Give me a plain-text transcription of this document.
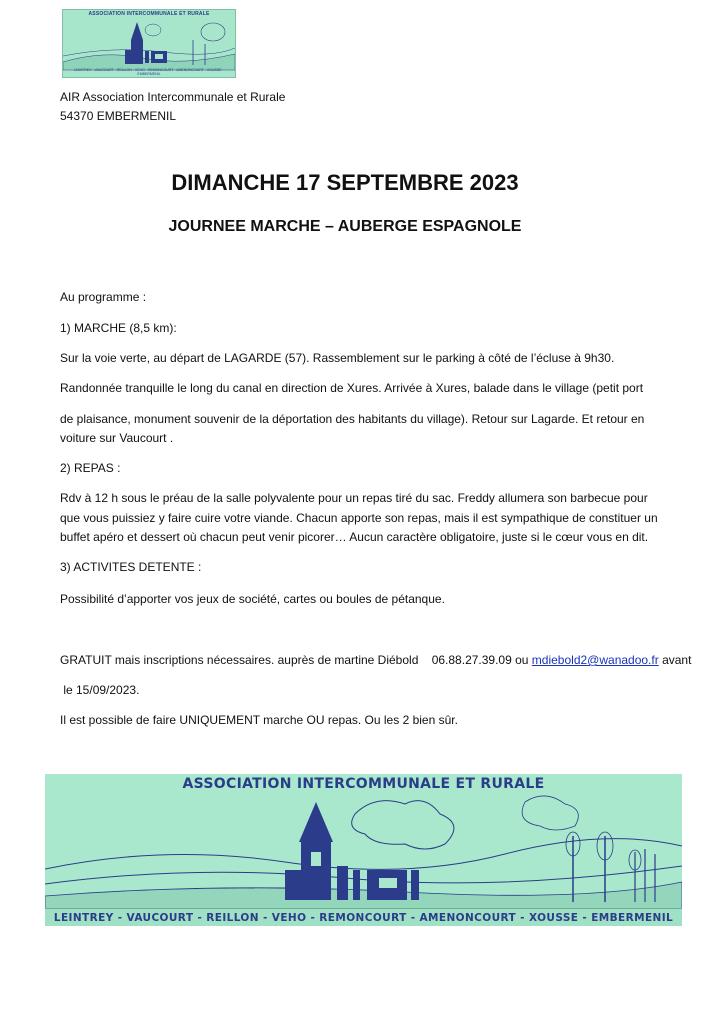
ASSOCIATION INTERCOMMUNALE ET RURALE
LEINTREY · VAUCOURT · REILLON · VEHO · REMONCOURT · AMENONCOURT · XOUSSE · EMBERMENIL
AIR Association Intercommunale et Rurale
54370 EMBERMENIL
DIMANCHE 17 SEPTEMBRE 2023
JOURNEE MARCHE – AUBERGE ESPAGNOLE
Au programme :
1) MARCHE (8,5 km):
Sur la voie verte, au départ de LAGARDE (57). Rassemblement sur le parking à côté de l’écluse à 9h30.
Randonnée tranquille le long du canal en direction de Xures. Arrivée à Xures, balade dans le village (petit port
de plaisance, monument souvenir de la déportation des habitants du village). Retour sur Lagarde. Et retour en
voiture sur Vaucourt .
2) REPAS :
Rdv à 12 h sous le préau de la salle polyvalente pour un repas tiré du sac. Freddy allumera son barbecue pour
que vous puissiez y faire cuire votre viande. Chacun apporte son repas, mais il est sympathique de constituer un
buffet apéro et dessert où chacun peut venir picorer… Aucun caractère obligatoire, juste si le cœur vous en dit.
3) ACTIVITES DETENTE :
Possibilité d’apporter vos jeux de société, cartes ou boules de pétanque.
GRATUIT mais inscriptions nécessaires. auprès de martine Diébold    06.88.27.39.09 ou mdiebold2@wanadoo.fr avant
le 15/09/2023.
Il est possible de faire UNIQUEMENT marche OU repas. Ou les 2 bien sûr.
ASSOCIATION INTERCOMMUNALE ET RURALE
LEINTREY - VAUCOURT - REILLON - VEHO - REMONCOURT - AMENONCOURT - XOUSSE - EMBERMENIL
